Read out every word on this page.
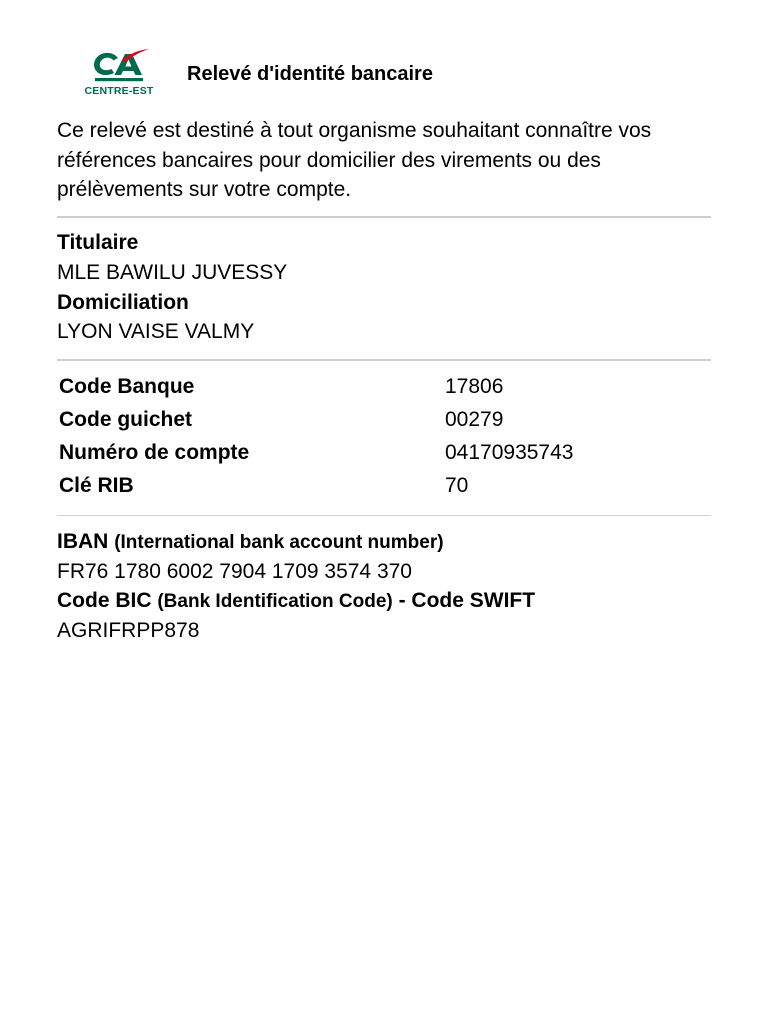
CENTRE-EST
Relevé d'identité bancaire
Ce relevé est destiné à tout organisme souhaitant connaître vos références bancaires pour domicilier des virements ou des prélèvements sur votre compte.
Titulaire
MLE BAWILU JUVESSY
Domiciliation
LYON VAISE VALMY
Code Banque	17806
Code guichet	00279
Numéro de compte	04170935743
Clé RIB	70
IBAN (International bank account number)
FR76 1780 6002 7904 1709 3574 370
Code BIC (Bank Identification Code) - Code SWIFT
AGRIFRPP878
